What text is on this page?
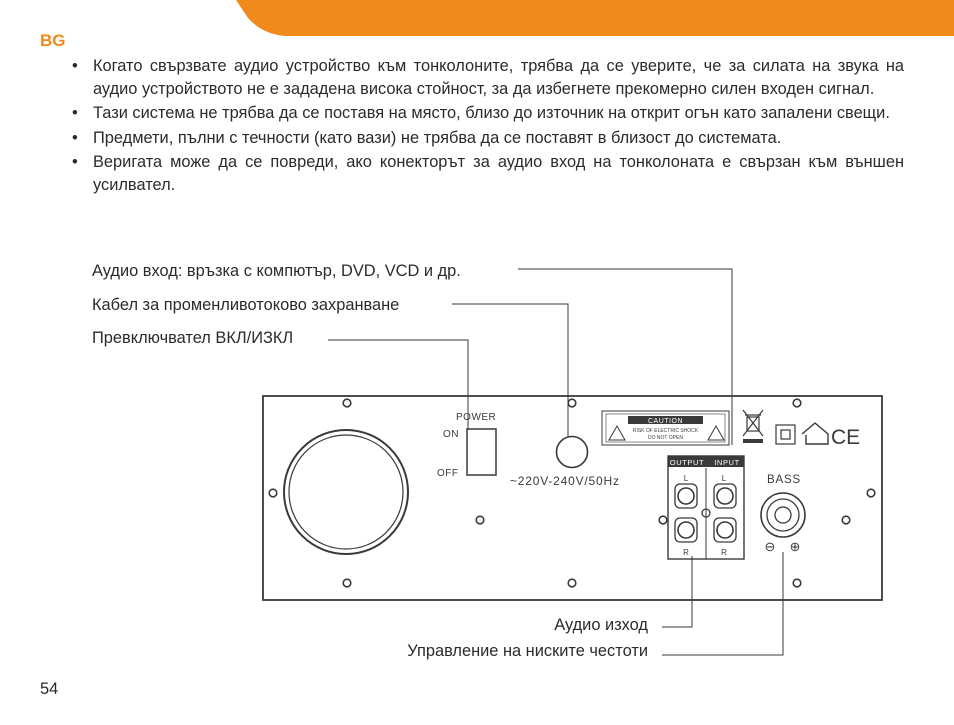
BG
• Когато свързвате аудио устройство към тонколоните, трябва да се уверите, че за силата на звука на аудио устройството не е зададена висока стойност, за да избегнете прекомерно силен входен сигнал.
• Тази система не трябва да се поставя на място, близо до източник на открит огън като запалени свещи.
• Предмети, пълни с течности (като вази) не трябва да се поставят в близост до системата.
• Веригата може да се повреди, ако конекторът за аудио вход на тонколоната е свързан към външен усилвател.
Аудио вход: връзка с компютър, DVD, VCD и др.
Кабел за променливотоково захранване
Превключвател ВКЛ/ИЗКЛ
Аудио изход
Управление на ниските честоти
POWER
ON
OFF
~220V-240V/50Hz
CAUTION
RISK OF ELECTRIC SHOCK
DO NOT OPEN	CE
OUTPUT INPUT
L	L
R	R
BASS
⊖ ⊕
54
